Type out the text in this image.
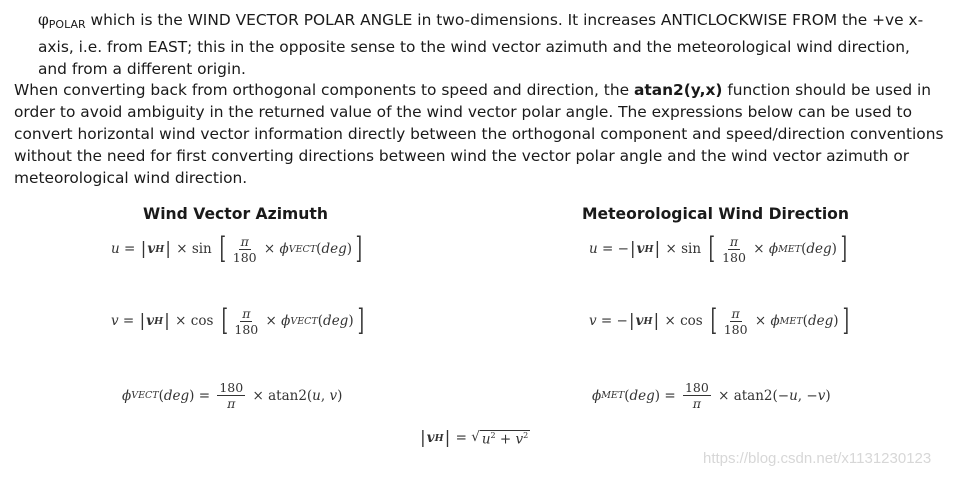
$\varphi_{POLAR}$ which is the WIND VECTOR POLAR ANGLE in two-dimensions. It increases ANTICLOCKWISE FROM the +ve x-axis, i.e. from EAST; this in the opposite sense to the wind vector azimuth and the meteorological wind direction, and from a different origin.
When converting back from orthogonal components to speed and direction, the atan2(y,x) function should be used in order to avoid ambiguity in the returned value of the wind vector polar angle. The expressions below can be used to convert horizontal wind vector information directly between the orthogonal component and speed/direction conventions without the need for first converting directions between wind the vector polar angle and the wind vector azimuth or meteorological wind direction.
Wind Vector Azimuth	Meteorological Wind Direction
u = | v H | × sin [ $\frac{\pi}{180} \times \phi$ VECT ( deg ) ]
v = | v H | × cos [ $\frac{\pi}{180} \times \phi$ VECT ( deg ) ]
ϕ VECT ( deg ) = $\frac{180}{\pi} \times atan2$( u , v )
u = − | v H | × sin [ $\frac{\pi}{180} \times \phi$ MET ( deg ) ]
v = − | v H | × cos [ $\frac{\pi}{180} \times \phi$ MET ( deg ) ]
ϕ MET ( deg ) = $\frac{180}{\pi} \times atan2(- u$ , − v )
| v H | = √ $u^2 + v^2$
https://blog.csdn.net/x1131230123
